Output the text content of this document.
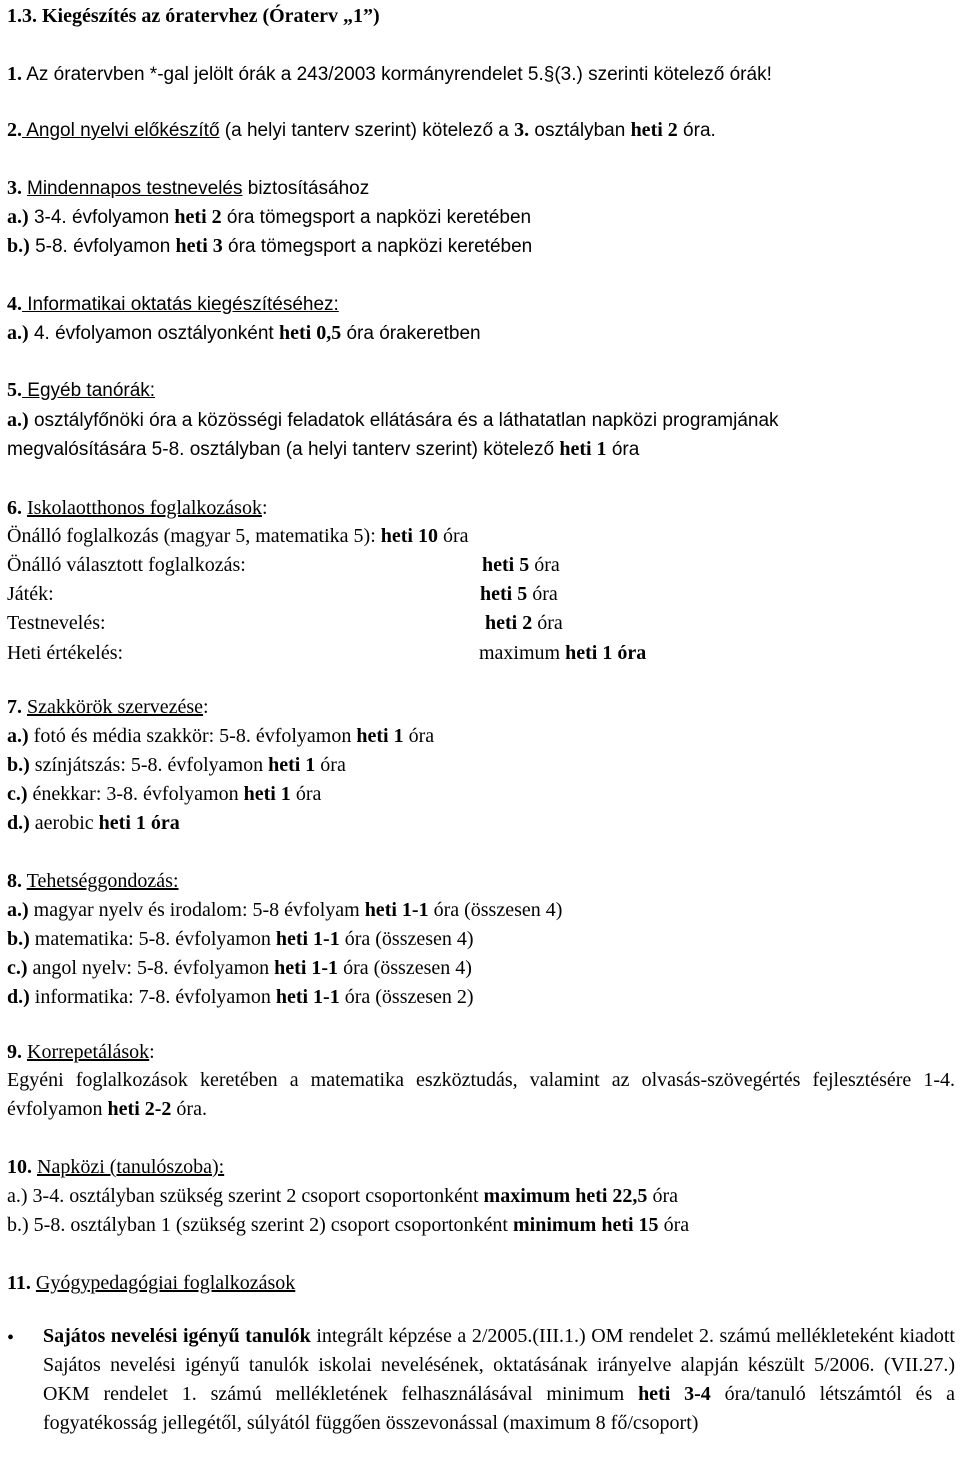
1.3. Kiegészítés az óratervhez (Óraterv „1”)
1. Az óratervben *-gal jelölt órák a 243/2003 kormányrendelet 5.§(3.) szerinti kötelező órák!
2. Angol nyelvi előkészítő (a helyi tanterv szerint) kötelező a 3. osztályban heti 2 óra.
3. Mindennapos testnevelés biztosításához
a.) 3-4. évfolyamon heti 2 óra tömegsport a napközi keretében
b.) 5-8. évfolyamon heti 3 óra tömegsport a napközi keretében
4. Informatikai oktatás kiegészítéséhez:
a.) 4. évfolyamon osztályonként heti 0,5 óra órakeretben
5. Egyéb tanórák:
a.) osztályfőnöki óra a közösségi feladatok ellátására és a láthatatlan napközi programjának
megvalósítására 5-8. osztályban (a helyi tanterv szerint) kötelező heti 1 óra
6. Iskolaotthonos foglalkozások:
Önálló foglalkozás (magyar 5, matematika 5): heti 10 óra
Önálló választott foglalkozás:	heti 5 óra
Játék:	heti 5 óra
Testnevelés:	heti 2 óra
Heti értékelés:	maximum heti 1 óra
7. Szakkörök szervezése:
a.) fotó és média szakkör: 5-8. évfolyamon heti 1 óra
b.) színjátszás: 5-8. évfolyamon heti 1 óra
c.) énekkar: 3-8. évfolyamon heti 1 óra
d.) aerobic heti 1 óra
8. Tehetséggondozás:
a.) magyar nyelv és irodalom: 5-8 évfolyam heti 1-1 óra (összesen 4)
b.) matematika: 5-8. évfolyamon heti 1-1 óra (összesen 4)
c.) angol nyelv: 5-8. évfolyamon heti 1-1 óra (összesen 4)
d.) informatika: 7-8. évfolyamon heti 1-1 óra (összesen 2)
9. Korrepetálások:
Egyéni foglalkozások keretében a matematika eszköztudás, valamint az olvasás-szövegértés fejlesztésére 1-4. évfolyamon heti 2-2 óra.
10. Napközi (tanulószoba):
a.) 3-4. osztályban szükség szerint 2 csoport csoportonként maximum heti 22,5 óra
b.) 5-8. osztályban 1 (szükség szerint 2) csoport csoportonként minimum heti 15 óra
11. Gyógypedagógiai foglalkozások
• Sajátos nevelési igényű tanulók integrált képzése a 2/2005.(III.1.) OM rendelet 2. számú mellékleteként kiadott Sajátos nevelési igényű tanulók iskolai nevelésének, oktatásának irányelve alapján készült 5/2006. (VII.27.) OKM rendelet 1. számú mellékletének felhasználásával minimum heti 3-4 óra/tanuló létszámtól és a fogyatékosság jellegétől, súlyától függően összevonással (maximum 8 fő/csoport)
